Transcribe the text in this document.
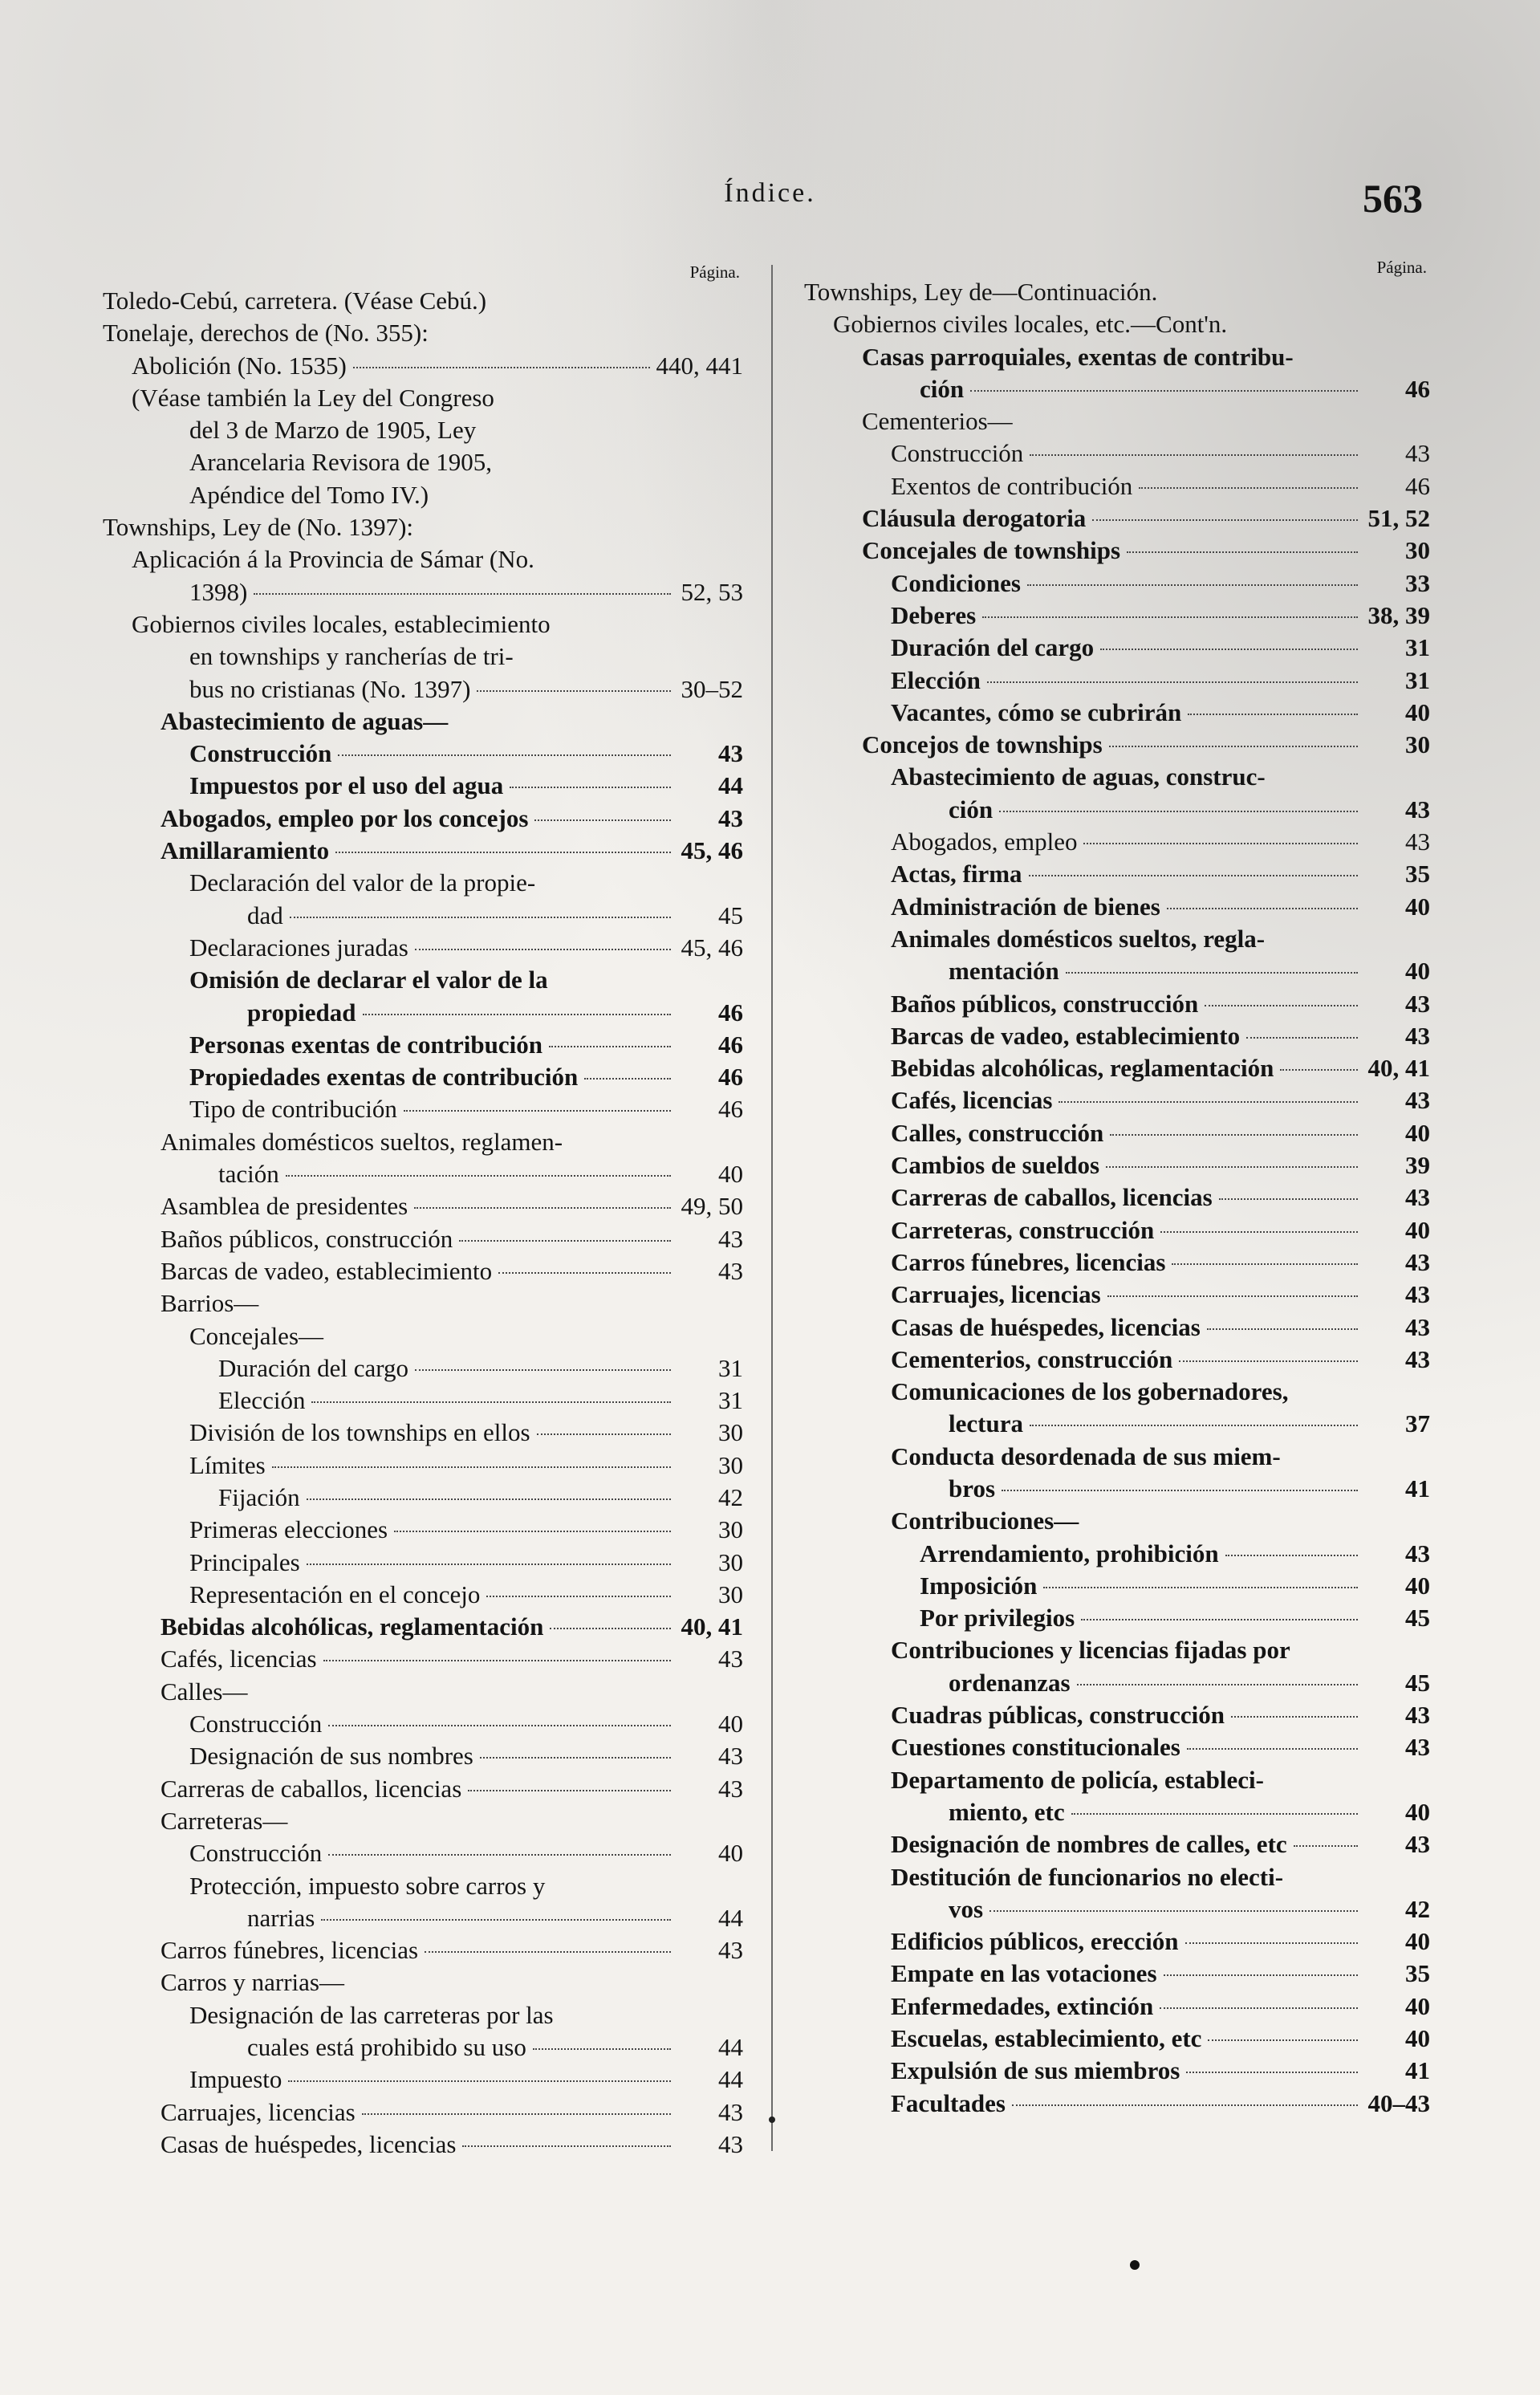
Índice.	563
Página.
Toledo-Cebú, carretera. (Véase Cebú.)
Tonelaje, derechos de (No. 355):
Abolición (No. 1535)	440, 441
(Véase también la Ley del Congreso
del 3 de Marzo de 1905, Ley
Arancelaria Revisora de 1905,
Apéndice del Tomo IV.)
Townships, Ley de (No. 1397):
Aplicación á la Provincia de Sámar (No.
1398)	52, 53
Gobiernos civiles locales, establecimiento
en townships y rancherías de tri-
bus no cristianas (No. 1397)	30–52
Abastecimiento de aguas—
Construcción	43
Impuestos por el uso del agua	44
Abogados, empleo por los concejos	43
Amillaramiento	45, 46
Declaración del valor de la propie-
dad	45
Declaraciones juradas	45, 46
Omisión de declarar el valor de la
propiedad	46
Personas exentas de contribución	46
Propiedades exentas de contribución	46
Tipo de contribución	46
Animales domésticos sueltos, reglamen-
tación	40
Asamblea de presidentes	49, 50
Baños públicos, construcción	43
Barcas de vadeo, establecimiento	43
Barrios—
Concejales—
Duración del cargo	31
Elección	31
División de los townships en ellos	30
Límites	30
Fijación	42
Primeras elecciones	30
Principales	30
Representación en el concejo	30
Bebidas alcohólicas, reglamentación	40, 41
Cafés, licencias	43
Calles—
Construcción	40
Designación de sus nombres	43
Carreras de caballos, licencias	43
Carreteras—
Construcción	40
Protección, impuesto sobre carros y
narrias	44
Carros fúnebres, licencias	43
Carros y narrias—
Designación de las carreteras por las
cuales está prohibido su uso	44
Impuesto	44
Carruajes, licencias	43
Casas de huéspedes, licencias	43
Página.
Townships, Ley de—Continuación.
Gobiernos civiles locales, etc.—Cont'n.
Casas parroquiales, exentas de contribu-
ción	46
Cementerios—
Construcción	43
Exentos de contribución	46
Cláusula derogatoria	51, 52
Concejales de townships	30
Condiciones	33
Deberes	38, 39
Duración del cargo	31
Elección	31
Vacantes, cómo se cubrirán	40
Concejos de townships	30
Abastecimiento de aguas, construc-
ción	43
Abogados, empleo	43
Actas, firma	35
Administración de bienes	40
Animales domésticos sueltos, regla-
mentación	40
Baños públicos, construcción	43
Barcas de vadeo, establecimiento	43
Bebidas alcohólicas, reglamentación	40, 41
Cafés, licencias	43
Calles, construcción	40
Cambios de sueldos	39
Carreras de caballos, licencias	43
Carreteras, construcción	40
Carros fúnebres, licencias	43
Carruajes, licencias	43
Casas de huéspedes, licencias	43
Cementerios, construcción	43
Comunicaciones de los gobernadores,
lectura	37
Conducta desordenada de sus miem-
bros	41
Contribuciones—
Arrendamiento, prohibición	43
Imposición	40
Por privilegios	45
Contribuciones y licencias fijadas por
ordenanzas	45
Cuadras públicas, construcción	43
Cuestiones constitucionales	43
Departamento de policía, estableci-
miento, etc	40
Designación de nombres de calles, etc	43
Destitución de funcionarios no electi-
vos	42
Edificios públicos, erección	40
Empate en las votaciones	35
Enfermedades, extinción	40
Escuelas, establecimiento, etc	40
Expulsión de sus miembros	41
Facultades	40–43
